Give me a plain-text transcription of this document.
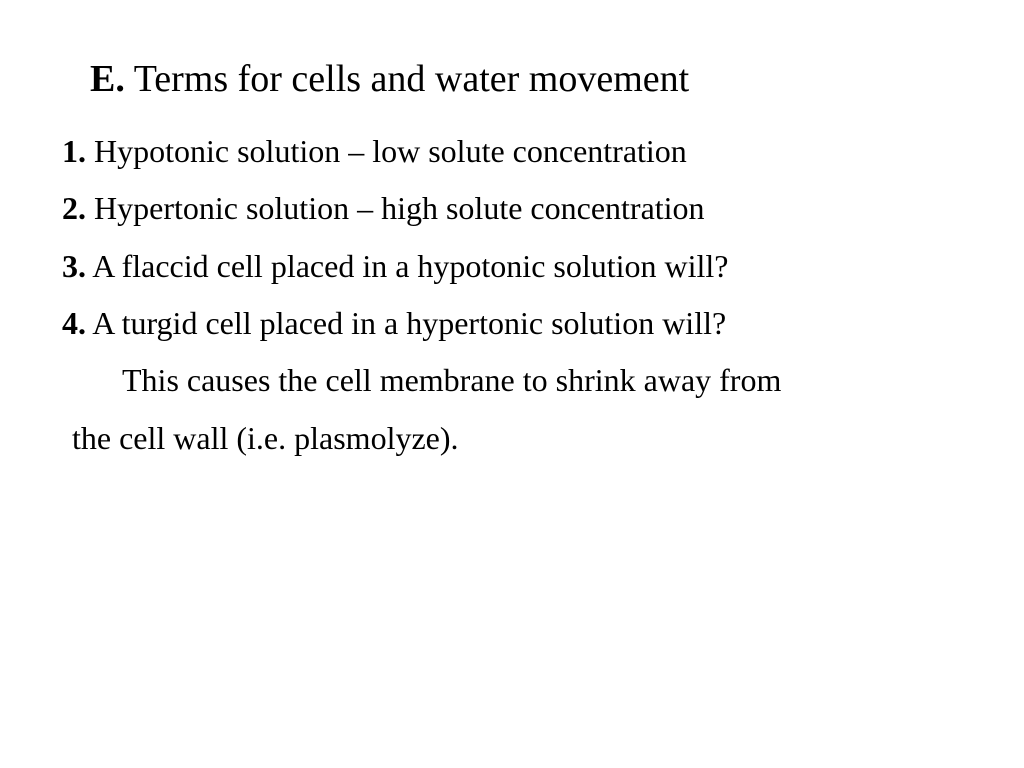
E. Terms for cells and water movement
1. Hypotonic solution – low solute concentration
2. Hypertonic solution – high solute concentration
3. A flaccid cell placed in a hypotonic solution will?
4. A turgid cell placed in a hypertonic solution will?
This causes the cell membrane to shrink away from
the cell wall (i.e. plasmolyze).
